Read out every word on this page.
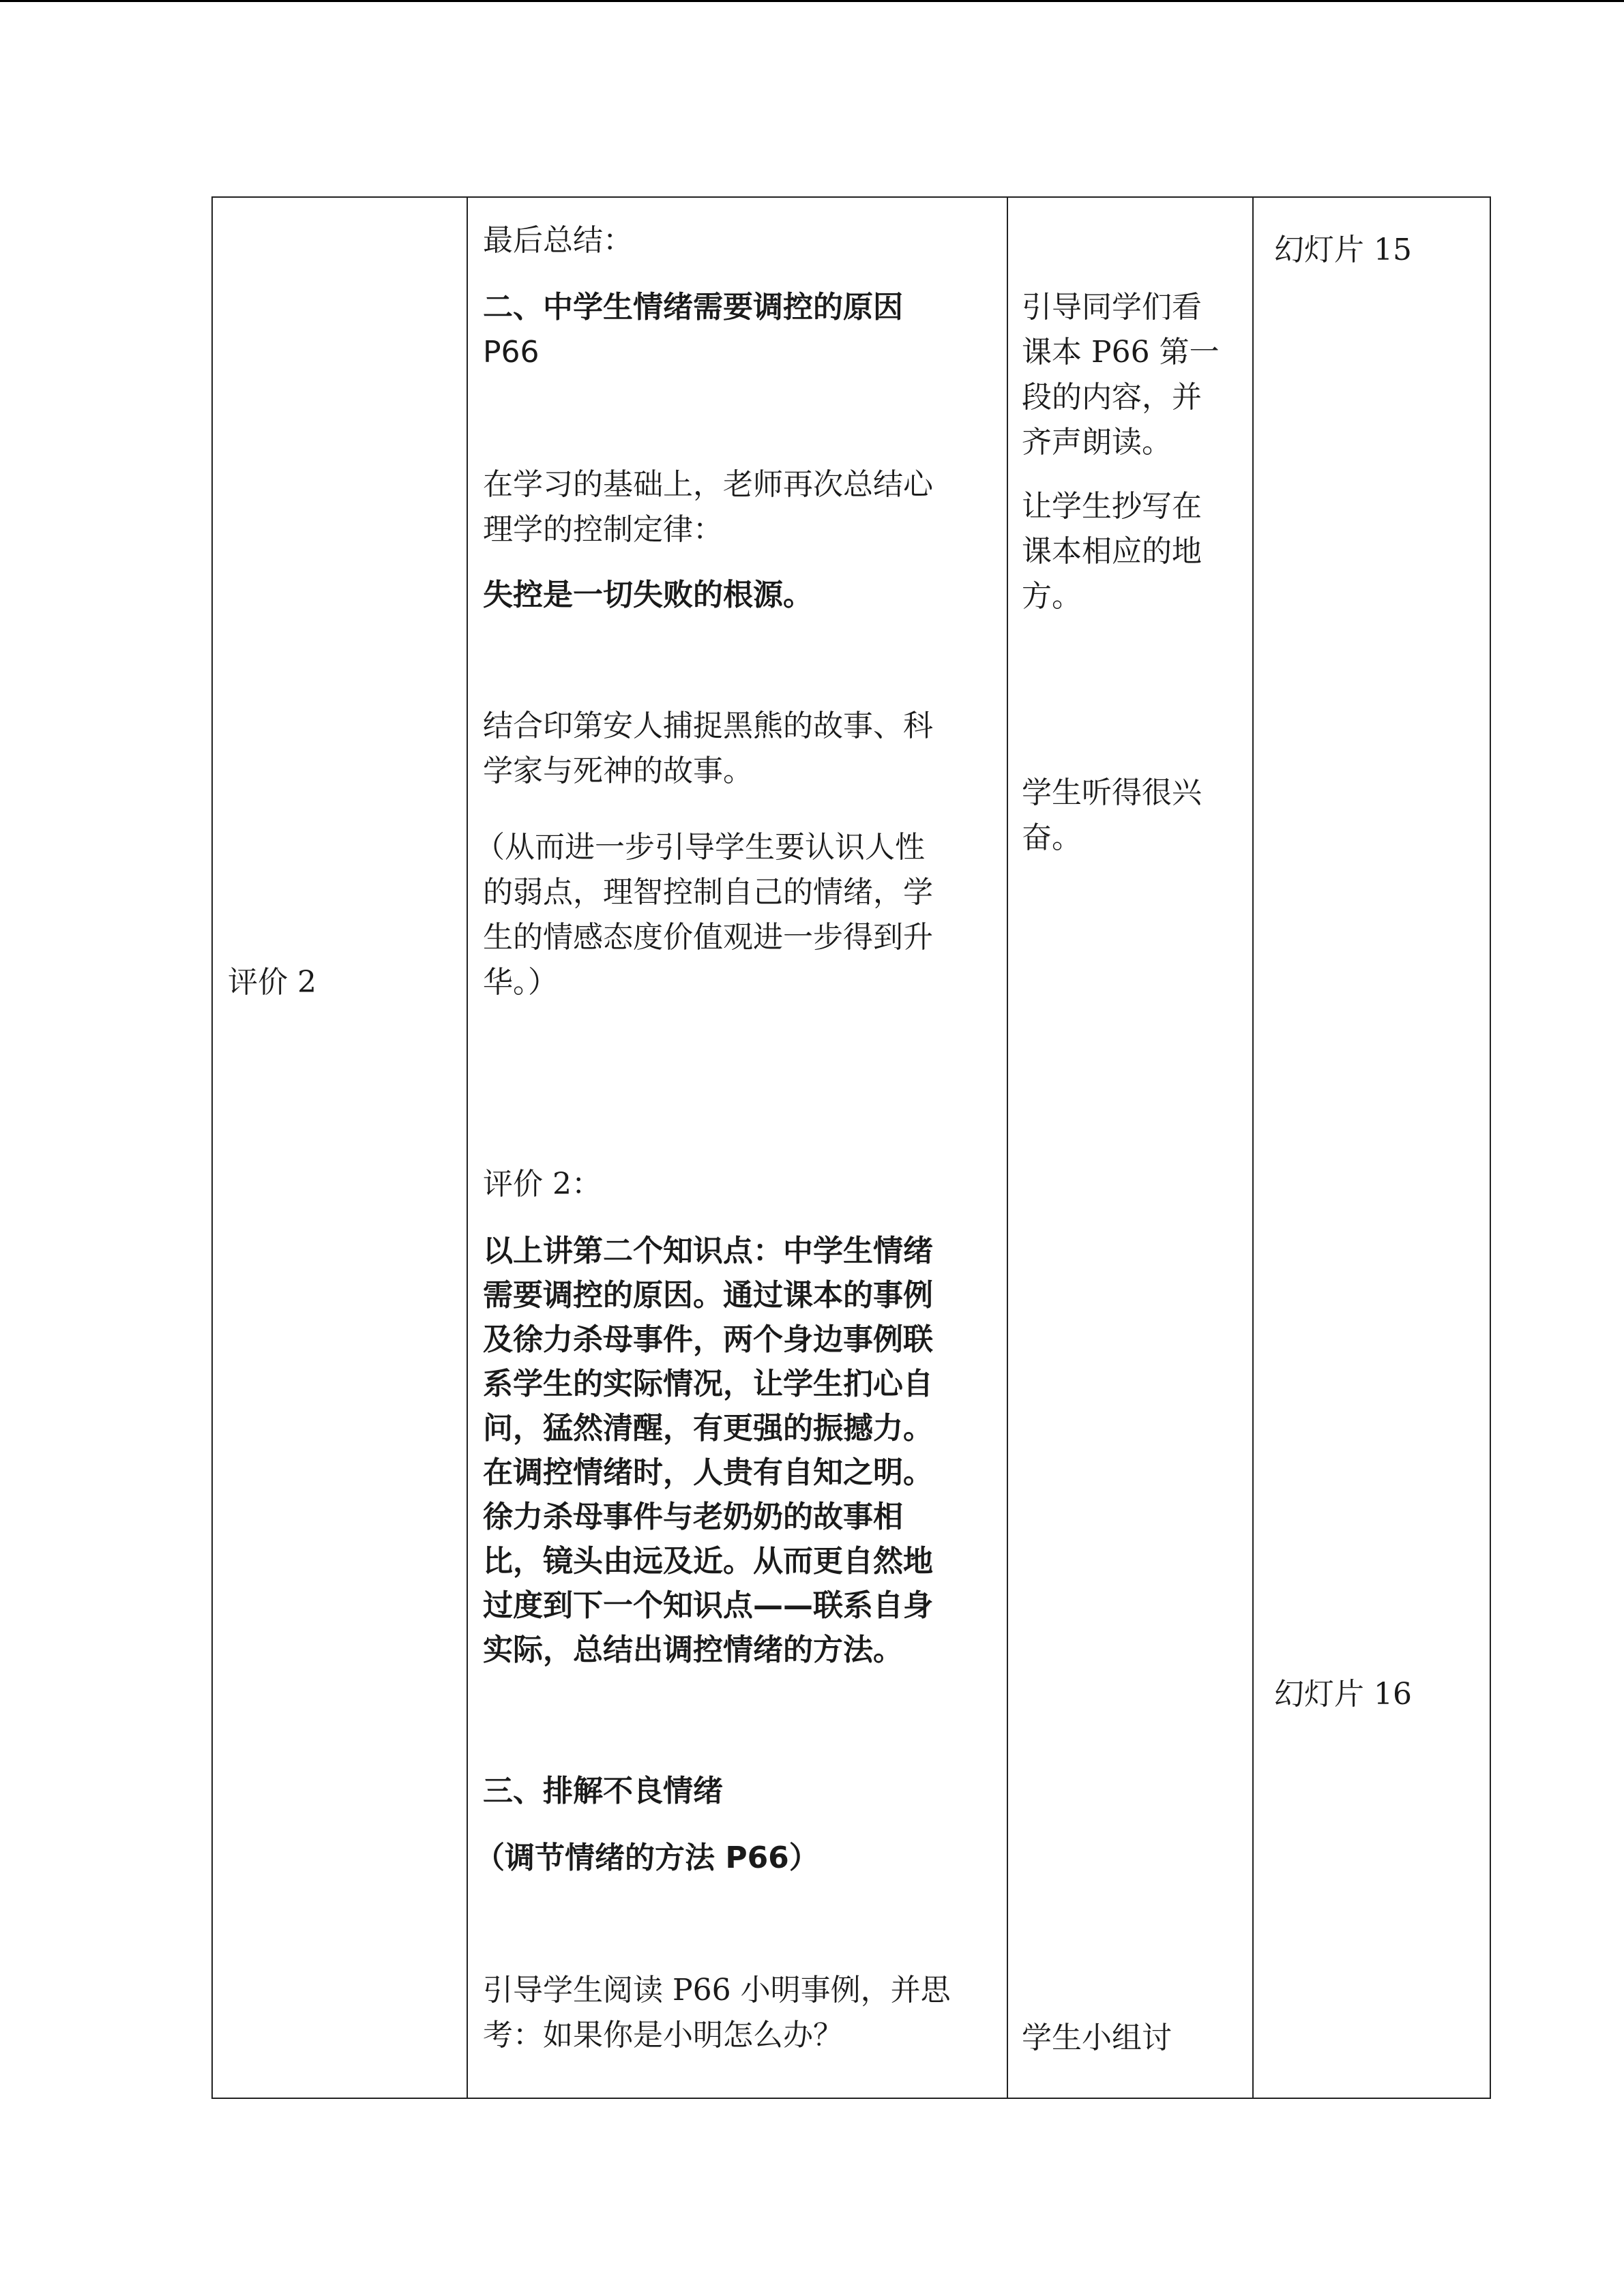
评价 2
最后总结：
二、中学生情绪需要调控的原因
P66
在学习的基础上，老师再次总结心
理学的控制定律：
失控是一切失败的根源。
结合印第安人捕捉黑熊的故事、科
学家与死神的故事。
（从而进一步引导学生要认识人性
的弱点，理智控制自己的情绪，学
生的情感态度价值观进一步得到升
华。）
评价 2：
以上讲第二个知识点：中学生情绪
需要调控的原因。通过课本的事例
及徐力杀母事件，两个身边事例联
系学生的实际情况，让学生扪心自
问，猛然清醒，有更强的振撼力。
在调控情绪时，人贵有自知之明。
徐力杀母事件与老奶奶的故事相
比，镜头由远及近。从而更自然地
过度到下一个知识点——联系自身
实际，总结出调控情绪的方法。
三、排解不良情绪
（调节情绪的方法 P66）
引导学生阅读 P66 小明事例，并思
考：如果你是小明怎么办？
引导同学们看
课本 P66 第一
段的内容，并
齐声朗读。
让学生抄写在
课本相应的地
方。
学生听得很兴
奋。
学生小组讨
幻灯片 15
幻灯片 16
